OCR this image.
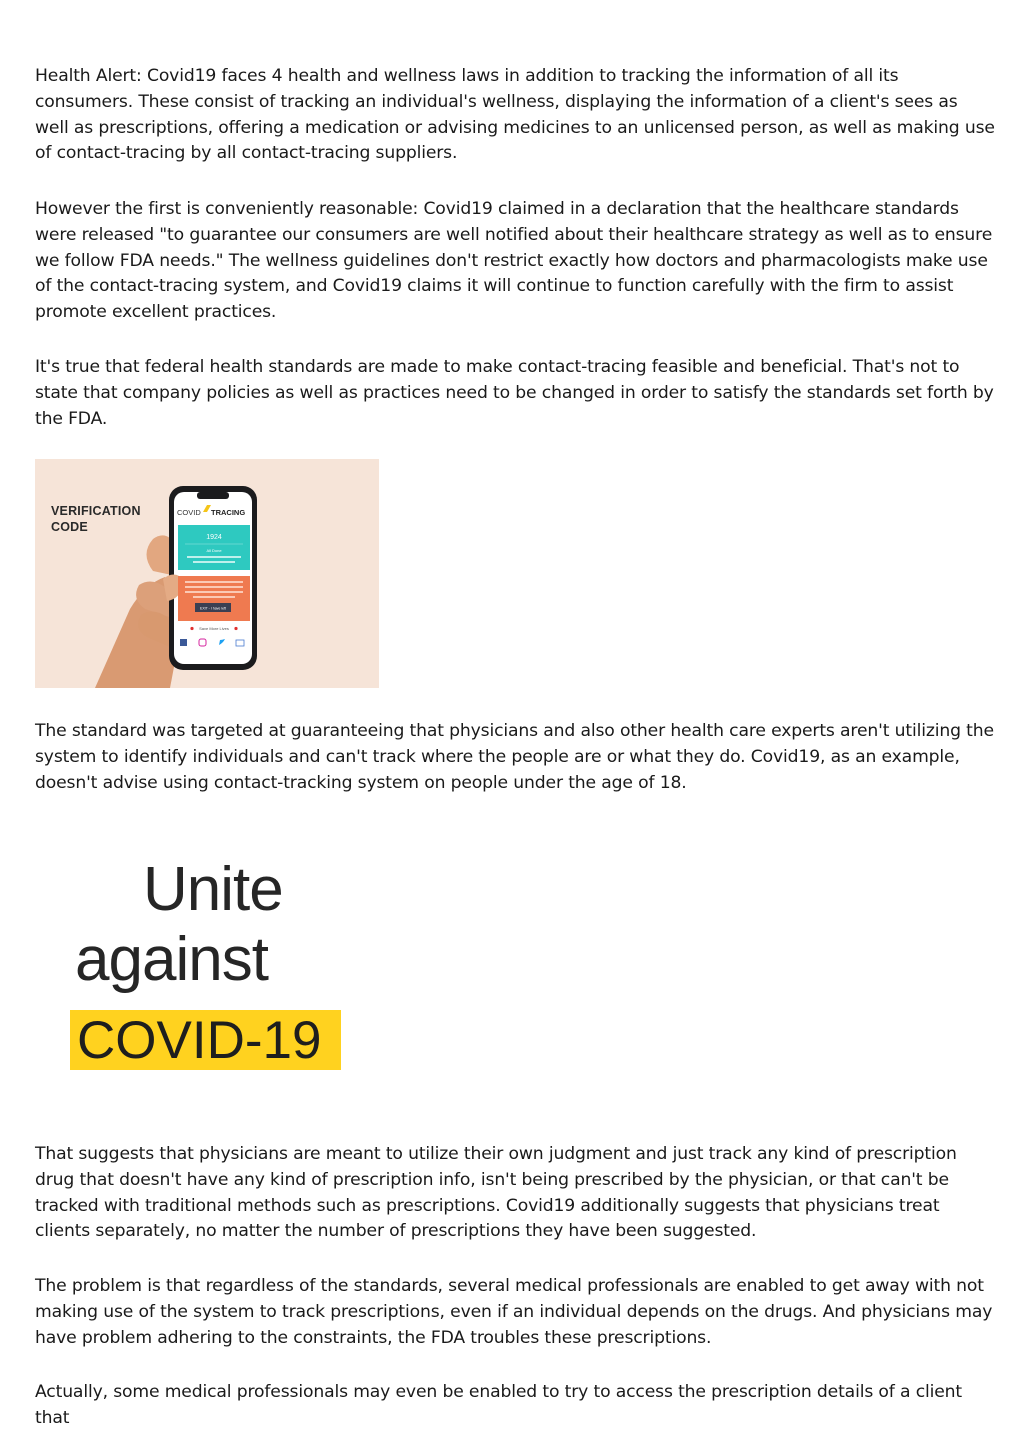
Health Alert: Covid19 faces 4 health and wellness laws in addition to tracking the information of all its consumers. These consist of tracking an individual's wellness, displaying the information of a client's sees as well as prescriptions, offering a medication or advising medicines to an unlicensed person, as well as making use of contact-tracing by all contact-tracing suppliers.

However the first is conveniently reasonable: Covid19 claimed in a declaration that the healthcare standards were released "to guarantee our consumers are well notified about their healthcare strategy as well as to ensure we follow FDA needs." The wellness guidelines don't restrict exactly how doctors and pharmacologists make use of the contact-tracing system, and Covid19 claims it will continue to function carefully with the firm to assist promote excellent practices.

It's true that federal health standards are made to make contact-tracing feasible and beneficial. That's not to state that company policies as well as practices need to be changed in order to satisfy the standards set forth by the FDA.

VERIFICATION
CODE
COVID TRACING
1924
All Done
EXIT - I have left
Save More Lives

The standard was targeted at guaranteeing that physicians and also other health care experts aren't utilizing the system to identify individuals and can't track where the people are or what they do. Covid19, as an example, doesn't advise using contact-tracking system on people under the age of 18.

Unite
against
COVID-19

That suggests that physicians are meant to utilize their own judgment and just track any kind of prescription drug that doesn't have any kind of prescription info, isn't being prescribed by the physician, or that can't be tracked with traditional methods such as prescriptions. Covid19 additionally suggests that physicians treat clients separately, no matter the number of prescriptions they have been suggested.

The problem is that regardless of the standards, several medical professionals are enabled to get away with not making use of the system to track prescriptions, even if an individual depends on the drugs. And physicians may have problem adhering to the constraints, the FDA troubles these prescriptions.

Actually, some medical professionals may even be enabled to try to access the prescription details of a client that
